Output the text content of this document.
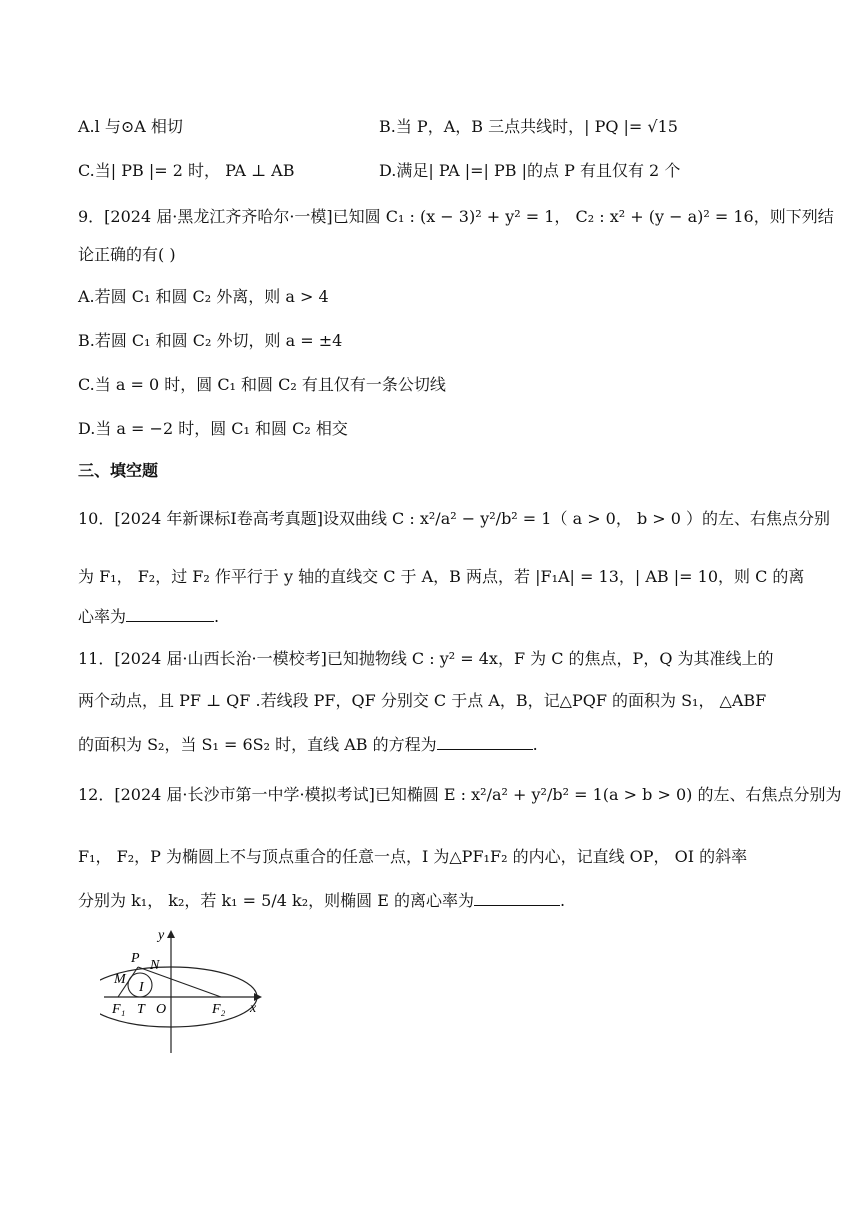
A.l 与⊙A 相切	B.当 P，A，B 三点共线时，| PQ |= √15
C.当| PB |= 2 时， PA ⊥ AB	D.满足| PA |=| PB |的点 P 有且仅有 2 个
9．[2024 届·黑龙江齐齐哈尔·一模]已知圆 C₁ : (x − 3)² + y² = 1， C₂ : x² + (y − a)² = 16，则下列结
论正确的有( )
A.若圆 C₁ 和圆 C₂ 外离，则 a > 4
B.若圆 C₁ 和圆 C₂ 外切，则 a = ±4
C.当 a = 0 时，圆 C₁ 和圆 C₂ 有且仅有一条公切线
D.当 a = −2 时，圆 C₁ 和圆 C₂ 相交
三、填空题
10．[2024 年新课标Ⅰ卷高考真题]设双曲线 C : x²/a² − y²/b² = 1（ a > 0， b > 0 ）的左、右焦点分别
为 F₁， F₂，过 F₂ 作平行于 y 轴的直线交 C 于 A，B 两点，若 |F₁A| = 13，| AB |= 10，则 C 的离
心率为	.
11．[2024 届·山西长治·一模校考]已知抛物线 C : y² = 4x，F 为 C 的焦点，P，Q 为其准线上的
两个动点，且 PF ⊥ QF .若线段 PF，QF 分别交 C 于点 A，B，记△PQF 的面积为 S₁， △ABF
的面积为 S₂，当 S₁ = 6S₂ 时，直线 AB 的方程为	.
12．[2024 届·长沙市第一中学·模拟考试]已知椭圆 E : x²/a² + y²/b² = 1(a > b > 0) 的左、右焦点分别为
F₁， F₂，P 为椭圆上不与顶点重合的任意一点，I 为△PF₁F₂ 的内心，记直线 OP， OI 的斜率
分别为 k₁， k₂，若 k₁ = 5/4 k₂，则椭圆 E 的离心率为	.
y
x
P N
M
I
F₁ T O	F₂
